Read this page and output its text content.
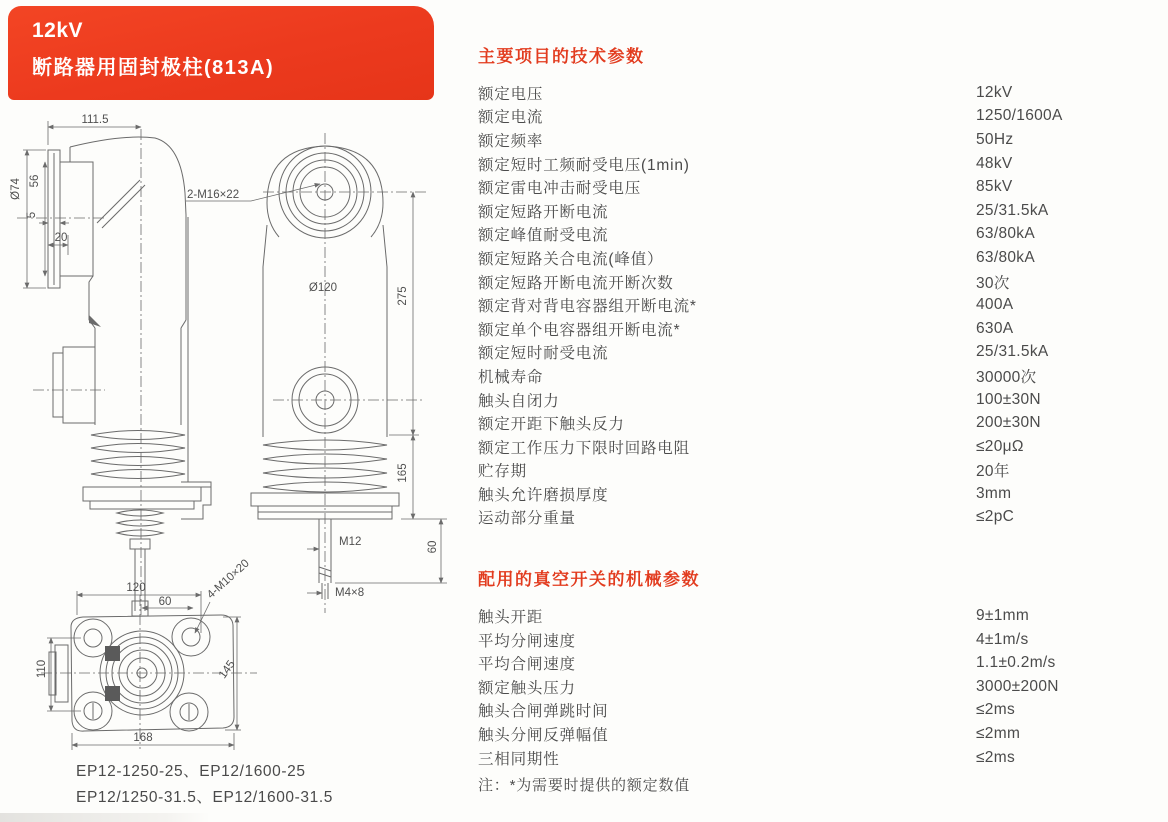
12kV
断路器用固封极柱(813A)
111.5
Ø74 56
5
20
2-M16×22
Ø120	275
165
60
M12
M4×8
120
60
4-M10×20
110	145
168
EP12-1250-25、EP12/1600-25
EP12/1250-31.5、EP12/1600-31.5
主要项目的技术参数
额定电压	12kV
额定电流	1250/1600A
额定频率	50Hz
额定短时工频耐受电压(1min)	48kV
额定雷电冲击耐受电压	85kV
额定短路开断电流	25/31.5kA
额定峰值耐受电流	63/80kA
额定短路关合电流(峰值）	63/80kA
额定短路开断电流开断次数	30次
额定背对背电容器组开断电流*	400A
额定单个电容器组开断电流*	630A
额定短时耐受电流	25/31.5kA
机械寿命	30000次
触头自闭力	100±30N
额定开距下触头反力	200±30N
额定工作压力下限时回路电阻	≤20μΩ
贮存期	20年
触头允许磨损厚度	3mm
运动部分重量	≤2pC
配用的真空开关的机械参数
触头开距	9±1mm
平均分闸速度	4±1m/s
平均合闸速度	1.1±0.2m/s
额定触头压力	3000±200N
触头合闸弹跳时间	≤2ms
触头分闸反弹幅值	≤2mm
三相同期性	≤2ms
注：*为需要时提供的额定数值
